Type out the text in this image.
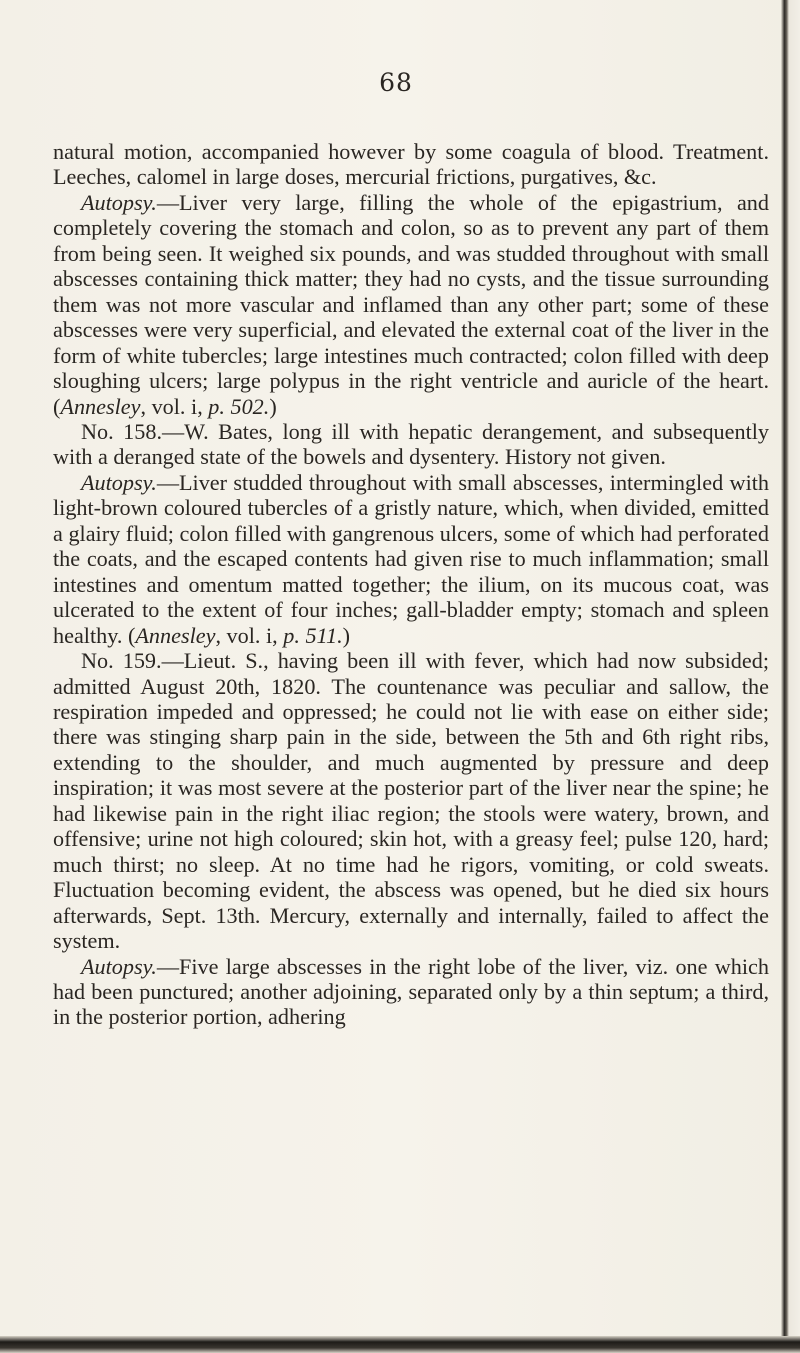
68

natural motion, accompanied however by some coagula of blood. Treatment. Leeches, calomel in large doses, mercurial frictions, purgatives, &c.

Autopsy.—Liver very large, filling the whole of the epigastrium, and completely covering the stomach and colon, so as to prevent any part of them from being seen. It weighed six pounds, and was studded throughout with small abscesses containing thick matter; they had no cysts, and the tissue surrounding them was not more vascular and inflamed than any other part; some of these abscesses were very superficial, and elevated the external coat of the liver in the form of white tubercles; large intestines much contracted; colon filled with deep sloughing ulcers; large polypus in the right ventricle and auricle of the heart. (Annesley, vol. i, p. 502.)

No. 158.—W. Bates, long ill with hepatic derangement, and subsequently with a deranged state of the bowels and dysentery. History not given.

Autopsy.—Liver studded throughout with small abscesses, intermingled with light-brown coloured tubercles of a gristly nature, which, when divided, emitted a glairy fluid; colon filled with gangrenous ulcers, some of which had perforated the coats, and the escaped contents had given rise to much inflammation; small intestines and omentum matted together; the ilium, on its mucous coat, was ulcerated to the extent of four inches; gall-bladder empty; stomach and spleen healthy. (Annesley, vol. i, p. 511.)

No. 159.—Lieut. S., having been ill with fever, which had now subsided; admitted August 20th, 1820. The countenance was peculiar and sallow, the respiration impeded and oppressed; he could not lie with ease on either side; there was stinging sharp pain in the side, between the 5th and 6th right ribs, extending to the shoulder, and much augmented by pressure and deep inspiration; it was most severe at the posterior part of the liver near the spine; he had likewise pain in the right iliac region; the stools were watery, brown, and offensive; urine not high coloured; skin hot, with a greasy feel; pulse 120, hard; much thirst; no sleep. At no time had he rigors, vomiting, or cold sweats. Fluctuation becoming evident, the abscess was opened, but he died six hours afterwards, Sept. 13th. Mercury, externally and internally, failed to affect the system.

Autopsy.—Five large abscesses in the right lobe of the liver, viz. one which had been punctured; another adjoining, separated only by a thin septum; a third, in the posterior portion, adhering
